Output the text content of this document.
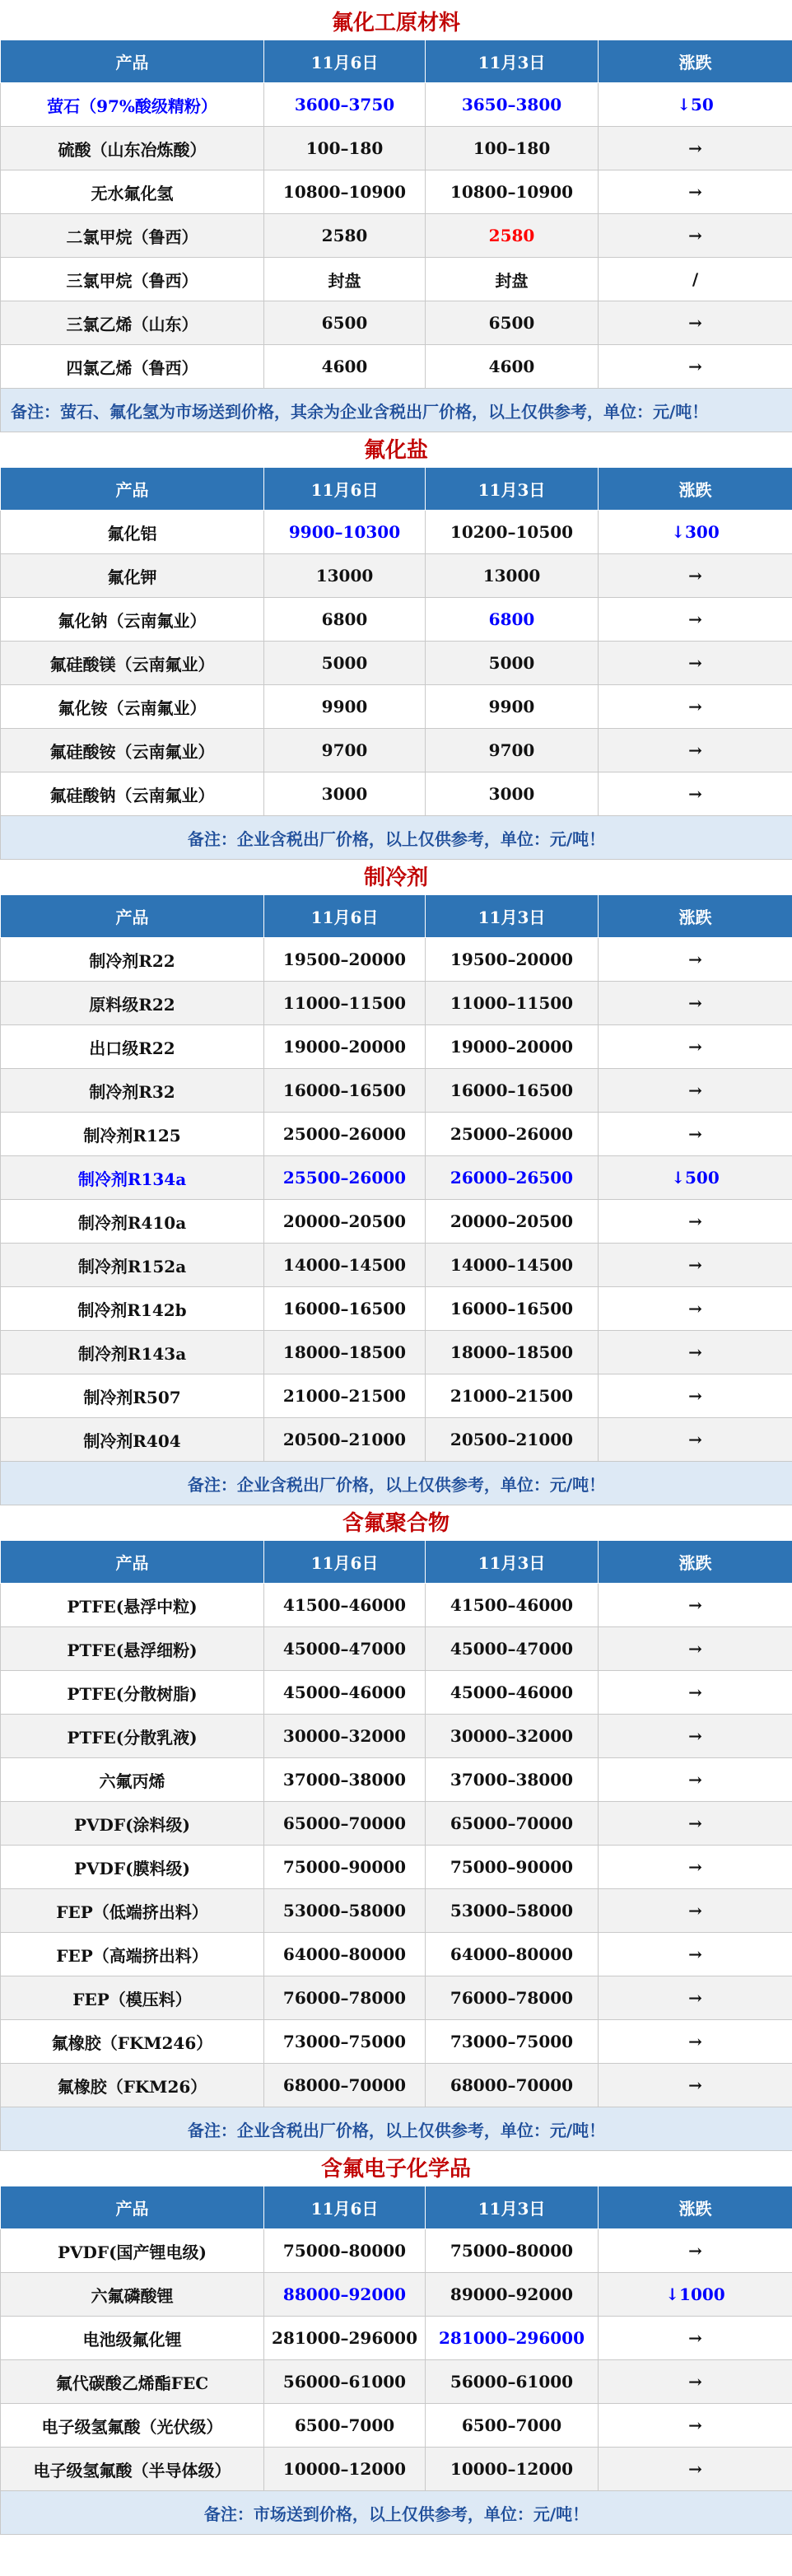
氟化工原材料
产品	11月6日	11月3日	涨跌
萤石（97%酸级精粉）	3600–3750	3650–3800	↓50
硫酸（山东冶炼酸）	100–180	100–180	→
无水氟化氢	10800–10900	10800–10900	→
二氯甲烷（鲁西）	2580	2580	→
三氯甲烷（鲁西）	封盘	封盘	/
三氯乙烯（山东）	6500	6500	→
四氯乙烯（鲁西）	4600	4600	→
备注：萤石、氟化氢为市场送到价格，其余为企业含税出厂价格，以上仅供参考，单位：元/吨！			
氟化盐
产品	11月6日	11月3日	涨跌
氟化铝	9900–10300	10200–10500	↓300
氟化钾	13000	13000	→
氟化钠（云南氟业）	6800	6800	→
氟硅酸镁（云南氟业）	5000	5000	→
氟化铵（云南氟业）	9900	9900	→
氟硅酸铵（云南氟业）	9700	9700	→
氟硅酸钠（云南氟业）	3000	3000	→
备注：企业含税出厂价格，以上仅供参考，单位：元/吨！			
制冷剂
产品	11月6日	11月3日	涨跌
制冷剂R22	19500–20000	19500–20000	→
原料级R22	11000–11500	11000–11500	→
出口级R22	19000–20000	19000–20000	→
制冷剂R32	16000–16500	16000–16500	→
制冷剂R125	25000–26000	25000–26000	→
制冷剂R134a	25500–26000	26000–26500	↓500
制冷剂R410a	20000–20500	20000–20500	→
制冷剂R152a	14000–14500	14000–14500	→
制冷剂R142b	16000–16500	16000–16500	→
制冷剂R143a	18000–18500	18000–18500	→
制冷剂R507	21000–21500	21000–21500	→
制冷剂R404	20500–21000	20500–21000	→
备注：企业含税出厂价格，以上仅供参考，单位：元/吨！			
含氟聚合物
产品	11月6日	11月3日	涨跌
PTFE(悬浮中粒)	41500–46000	41500–46000	→
PTFE(悬浮细粉)	45000–47000	45000–47000	→
PTFE(分散树脂)	45000–46000	45000–46000	→
PTFE(分散乳液)	30000–32000	30000–32000	→
六氟丙烯	37000–38000	37000–38000	→
PVDF(涂料级)	65000–70000	65000–70000	→
PVDF(膜料级)	75000–90000	75000–90000	→
FEP（低端挤出料）	53000–58000	53000–58000	→
FEP（高端挤出料）	64000–80000	64000–80000	→
FEP（模压料）	76000–78000	76000–78000	→
氟橡胶（FKM246）	73000–75000	73000–75000	→
氟橡胶（FKM26）	68000–70000	68000–70000	→
备注：企业含税出厂价格，以上仅供参考，单位：元/吨！			
含氟电子化学品
产品	11月6日	11月3日	涨跌
PVDF(国产锂电级)	75000–80000	75000–80000	→
六氟磷酸锂	88000–92000	89000–92000	↓1000
电池级氟化锂	281000–296000	281000–296000	→
氟代碳酸乙烯酯FEC	56000–61000	56000–61000	→
电子级氢氟酸（光伏级）	6500–7000	6500–7000	→
电子级氢氟酸（半导体级）	10000–12000	10000–12000	→
备注：市场送到价格，以上仅供参考，单位：元/吨！			
